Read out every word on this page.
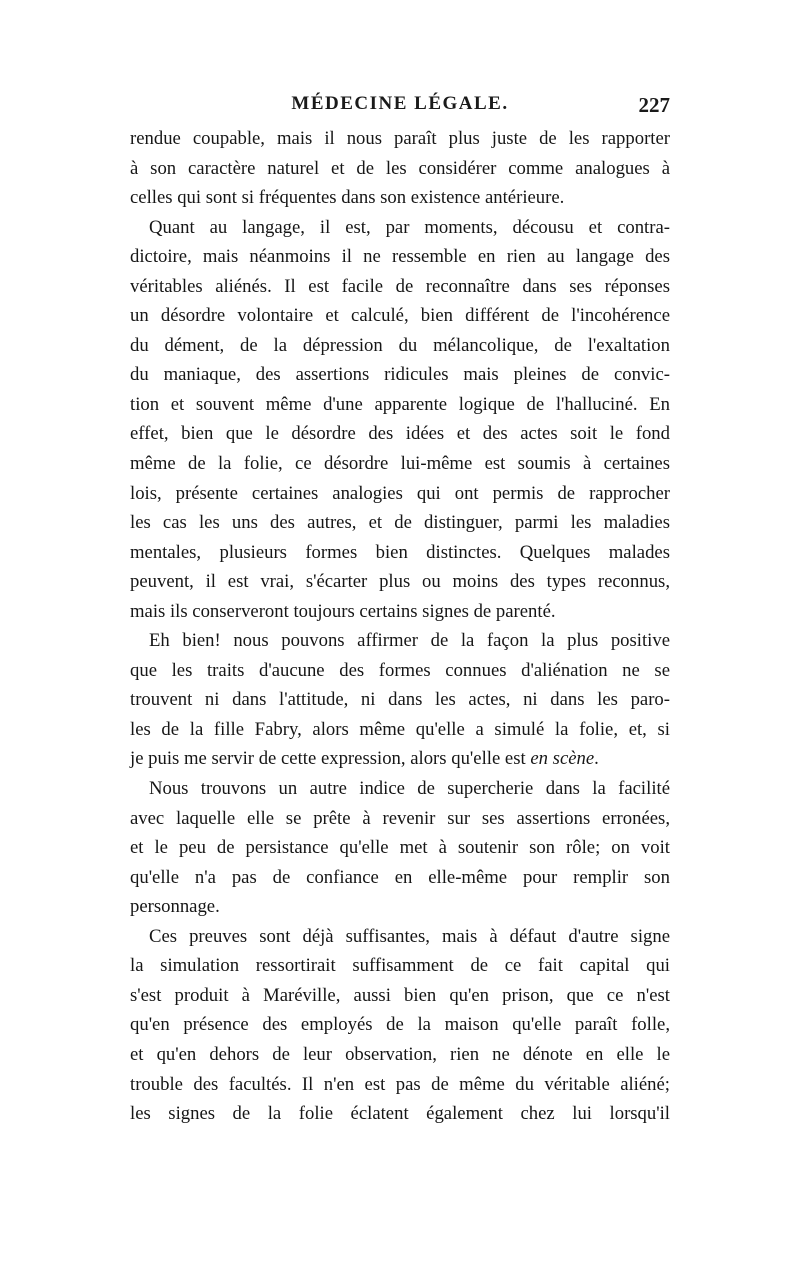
MÉDECINE LÉGALE.	227

rendue coupable, mais il nous paraît plus juste de les rapporter
à son caractère naturel et de les considérer comme analogues à
celles qui sont si fréquentes dans son existence antérieure.

Quant au langage, il est, par moments, décousu et contra-
dictoire, mais néanmoins il ne ressemble en rien au langage des
véritables aliénés. Il est facile de reconnaître dans ses réponses
un désordre volontaire et calculé, bien différent de l'incohérence
du dément, de la dépression du mélancolique, de l'exaltation
du maniaque, des assertions ridicules mais pleines de convic-
tion et souvent même d'une apparente logique de l'halluciné. En
effet, bien que le désordre des idées et des actes soit le fond
même de la folie, ce désordre lui-même est soumis à certaines
lois, présente certaines analogies qui ont permis de rapprocher
les cas les uns des autres, et de distinguer, parmi les maladies
mentales, plusieurs formes bien distinctes. Quelques malades
peuvent, il est vrai, s'écarter plus ou moins des types reconnus,
mais ils conserveront toujours certains signes de parenté.

Eh bien! nous pouvons affirmer de la façon la plus positive
que les traits d'aucune des formes connues d'aliénation ne se
trouvent ni dans l'attitude, ni dans les actes, ni dans les paro-
les de la fille Fabry, alors même qu'elle a simulé la folie, et, si
je puis me servir de cette expression, alors qu'elle est en scène.

Nous trouvons un autre indice de supercherie dans la facilité
avec laquelle elle se prête à revenir sur ses assertions erronées,
et le peu de persistance qu'elle met à soutenir son rôle; on voit
qu'elle n'a pas de confiance en elle-même pour remplir son
personnage.

Ces preuves sont déjà suffisantes, mais à défaut d'autre signe
la simulation ressortirait suffisamment de ce fait capital qui
s'est produit à Maréville, aussi bien qu'en prison, que ce n'est
qu'en présence des employés de la maison qu'elle paraît folle,
et qu'en dehors de leur observation, rien ne dénote en elle le
trouble des facultés. Il n'en est pas de même du véritable aliéné;
les signes de la folie éclatent également chez lui lorsqu'il
